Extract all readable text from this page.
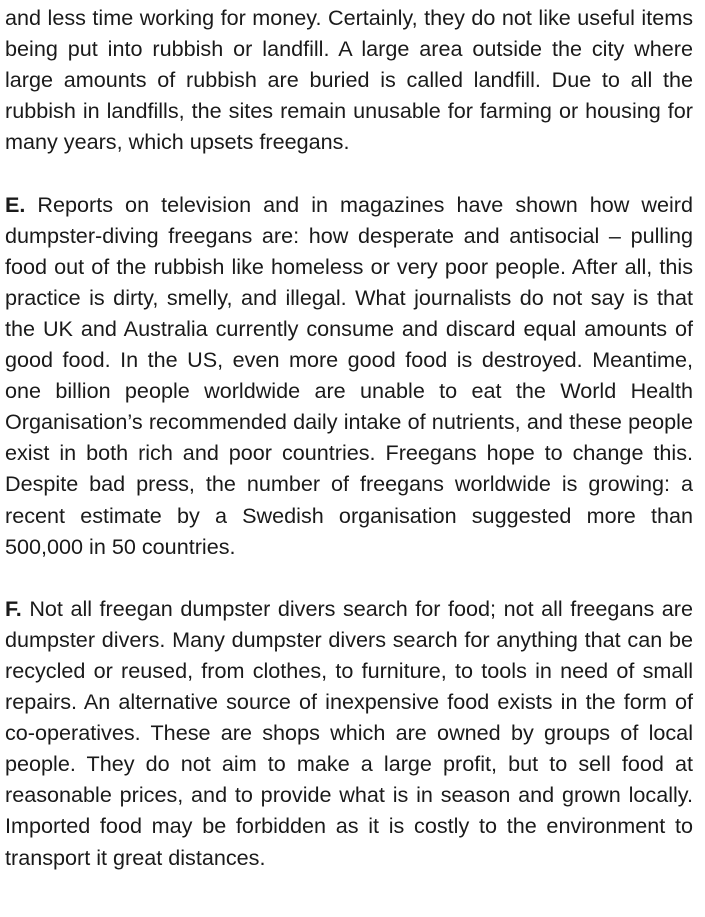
and less time working for money. Certainly, they do not like useful items being put into rubbish or landfill. A large area outside the city where large amounts of rubbish are buried is called landfill. Due to all the rubbish in landfills, the sites remain unusable for farming or housing for many years, which upsets freegans.

E. Reports on television and in magazines have shown how weird dumpster-diving freegans are: how desperate and antisocial – pulling food out of the rubbish like homeless or very poor people. After all, this practice is dirty, smelly, and illegal. What journalists do not say is that the UK and Australia currently consume and discard equal amounts of good food. In the US, even more good food is destroyed. Meantime, one billion people worldwide are unable to eat the World Health Organisation’s recommended daily intake of nutrients, and these people exist in both rich and poor countries. Freegans hope to change this. Despite bad press, the number of freegans worldwide is growing: a recent estimate by a Swedish organisation suggested more than 500,000 in 50 countries.

F. Not all freegan dumpster divers search for food; not all freegans are dumpster divers. Many dumpster divers search for anything that can be recycled or reused, from clothes, to furniture, to tools in need of small repairs. An alternative source of inexpensive food exists in the form of co-operatives. These are shops which are owned by groups of local people. They do not aim to make a large profit, but to sell food at reasonable prices, and to provide what is in season and grown locally. Imported food may be forbidden as it is costly to the environment to transport it great distances.
